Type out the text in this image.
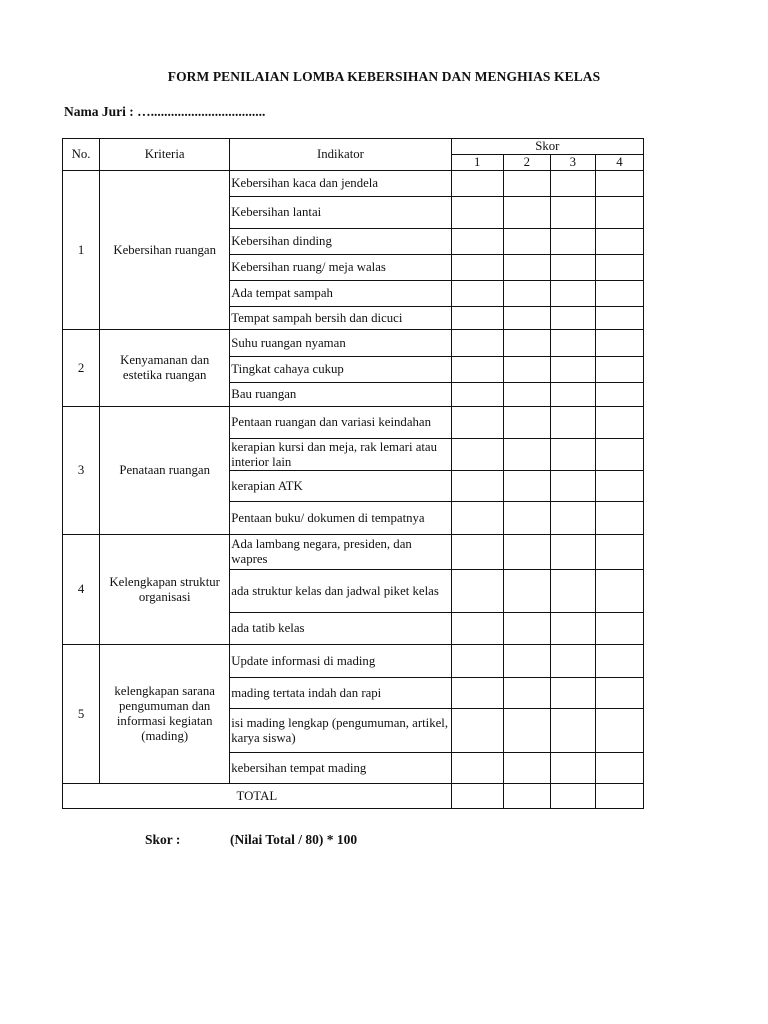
FORM PENILAIAN LOMBA KEBERSIHAN DAN MENGHIAS KELAS
Nama Juri : …..................................
No.	Kriteria	Indikator	Skor			
			1	2	3	4
1	Kebersihan ruangan	Kebersihan kaca dan jendela				
		Kebersihan lantai				
		Kebersihan dinding				
		Kebersihan ruang/ meja walas				
		Ada tempat sampah				
		Tempat sampah bersih dan dicuci				
2	Kenyamanan dan estetika ruangan	Suhu ruangan nyaman				
		Tingkat cahaya cukup				
		Bau ruangan				
3	Penataan ruangan	Pentaan ruangan dan variasi keindahan				
		kerapian kursi dan meja, rak lemari atau interior lain				
		kerapian ATK				
		Pentaan buku/ dokumen di tempatnya				
4	Kelengkapan struktur organisasi	Ada lambang negara, presiden, dan wapres				
		ada struktur kelas dan jadwal piket kelas				
		ada tatib kelas				
5	kelengkapan sarana pengumuman dan informasi kegiatan (mading)	Update informasi di mading				
		mading tertata indah dan rapi				
		isi mading lengkap (pengumuman, artikel, karya siswa)				
		kebersihan tempat mading				
TOTAL						
Skor :	(Nilai Total / 80) * 100
